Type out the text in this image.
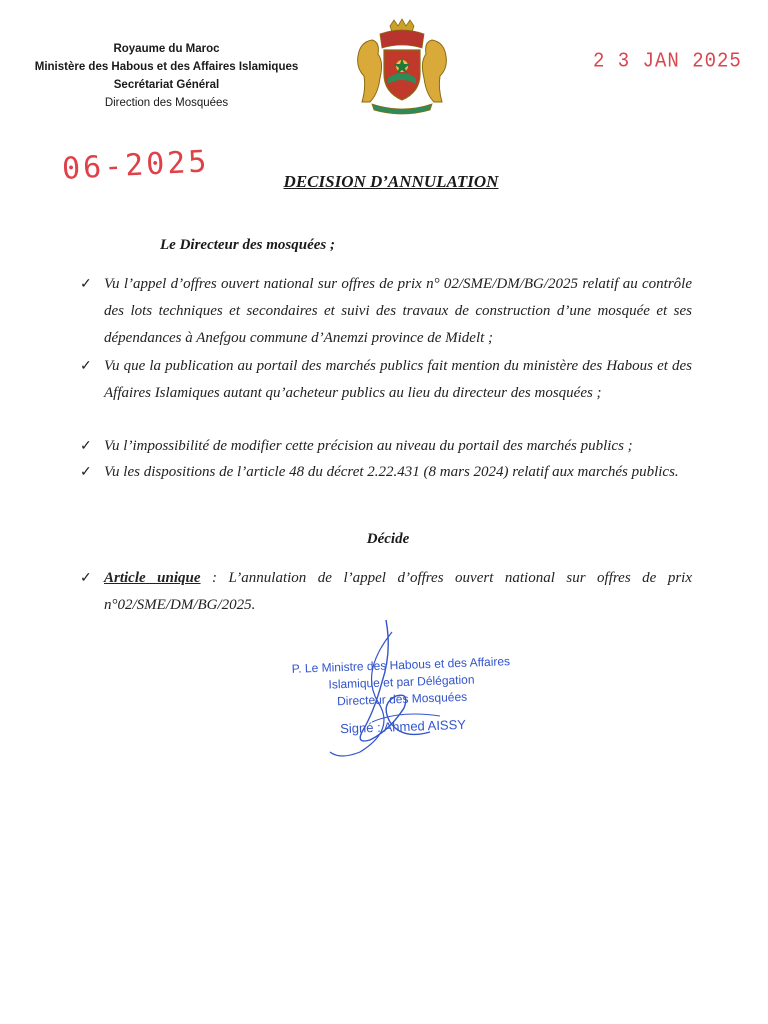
Royaume du Maroc
Ministère des Habous et des Affaires Islamiques
Secrétariat Général
Direction des Mosquées
2 3 JAN 2025
06-2025	DECISION D’ANNULATION
Le Directeur des mosquées ;
✓ Vu l’appel d’offres ouvert national sur offres de prix n° 02/SME/DM/BG/2025 relatif au contrôle des lots techniques et secondaires et suivi des travaux de construction d’une mosquée et ses dépendances à Anefgou commune d’Anemzi province de Midelt ;
✓ Vu que la publication au portail des marchés publics fait mention du ministère des Habous et des Affaires Islamiques autant qu’acheteur publics au lieu du directeur des mosquées ;
✓ Vu l’impossibilité de modifier cette précision au niveau du portail des marchés publics ;
✓ Vu les dispositions de l’article 48 du décret 2.22.431 (8 mars 2024) relatif aux marchés publics.
Décide
✓ Article unique : L’annulation de l’appel d’offres ouvert national sur offres de prix n°02/SME/DM/BG/2025.
P. Le Ministre des Habous et des Affaires
Islamique et par Délégation
Directeur des Mosquées
Signé : Ahmed AISSY
